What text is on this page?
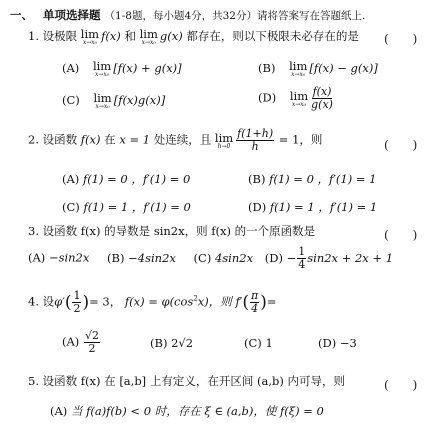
一、 单项选择题 （1-8题，每小题4分，共32分）请将答案写在答题纸上.
1. 设极限 lim
x→x₀ f(x) 和 lim
x→x₀ g(x) 都存在，则以下极限未必存在的是 (　　)
(A) lim
x→x₀ [f(x) + g(x)]	(B) lim
x→x₀ [f(x) − g(x)]
(C) lim
x→x₀ [f(x)g(x)]	(D) lim
$x\to x_0 \frac{f(x)}{g(x)}$
2. 设函数 f(x) 在 x = 1 处连续，且 lim
$h\to 0 \frac{f(1+h)}{h} = 1$，则	(　　)
(A) f(1) = 0 ，f′(1) = 0	(B) f(1) = 0 ，f′(1) = 1
(C) f(1) = 1 ，f′(1) = 0	(D) f(1) = 1 ，f′(1) = 1
3. 设函数 f(x) 的导数是 sin2x，则 f(x) 的一个原函数是	(　　)
(A) −sin2x (B) −4sin2x (C) 4sin2x $(D) - \frac{1}{4} \sin 2x + 2x + 1$
4. 设$\varphi'( \frac{1}{2}$ )= 3， $f(x) = \varphi(\cos^2x)$，则 $f'( \frac{\pi}{4}$ )=
$(A) \frac{√2}{2}$	(B) 2√2	(C) 1	(D) −3
5. 设函数 f(x) 在 [a,b] 上有定义，在开区间 (a,b) 内可导，则	(　　)
(A) 当 f(a)f(b) < 0 时，存在 ξ ∈ (a,b)，使 f(ξ) = 0
